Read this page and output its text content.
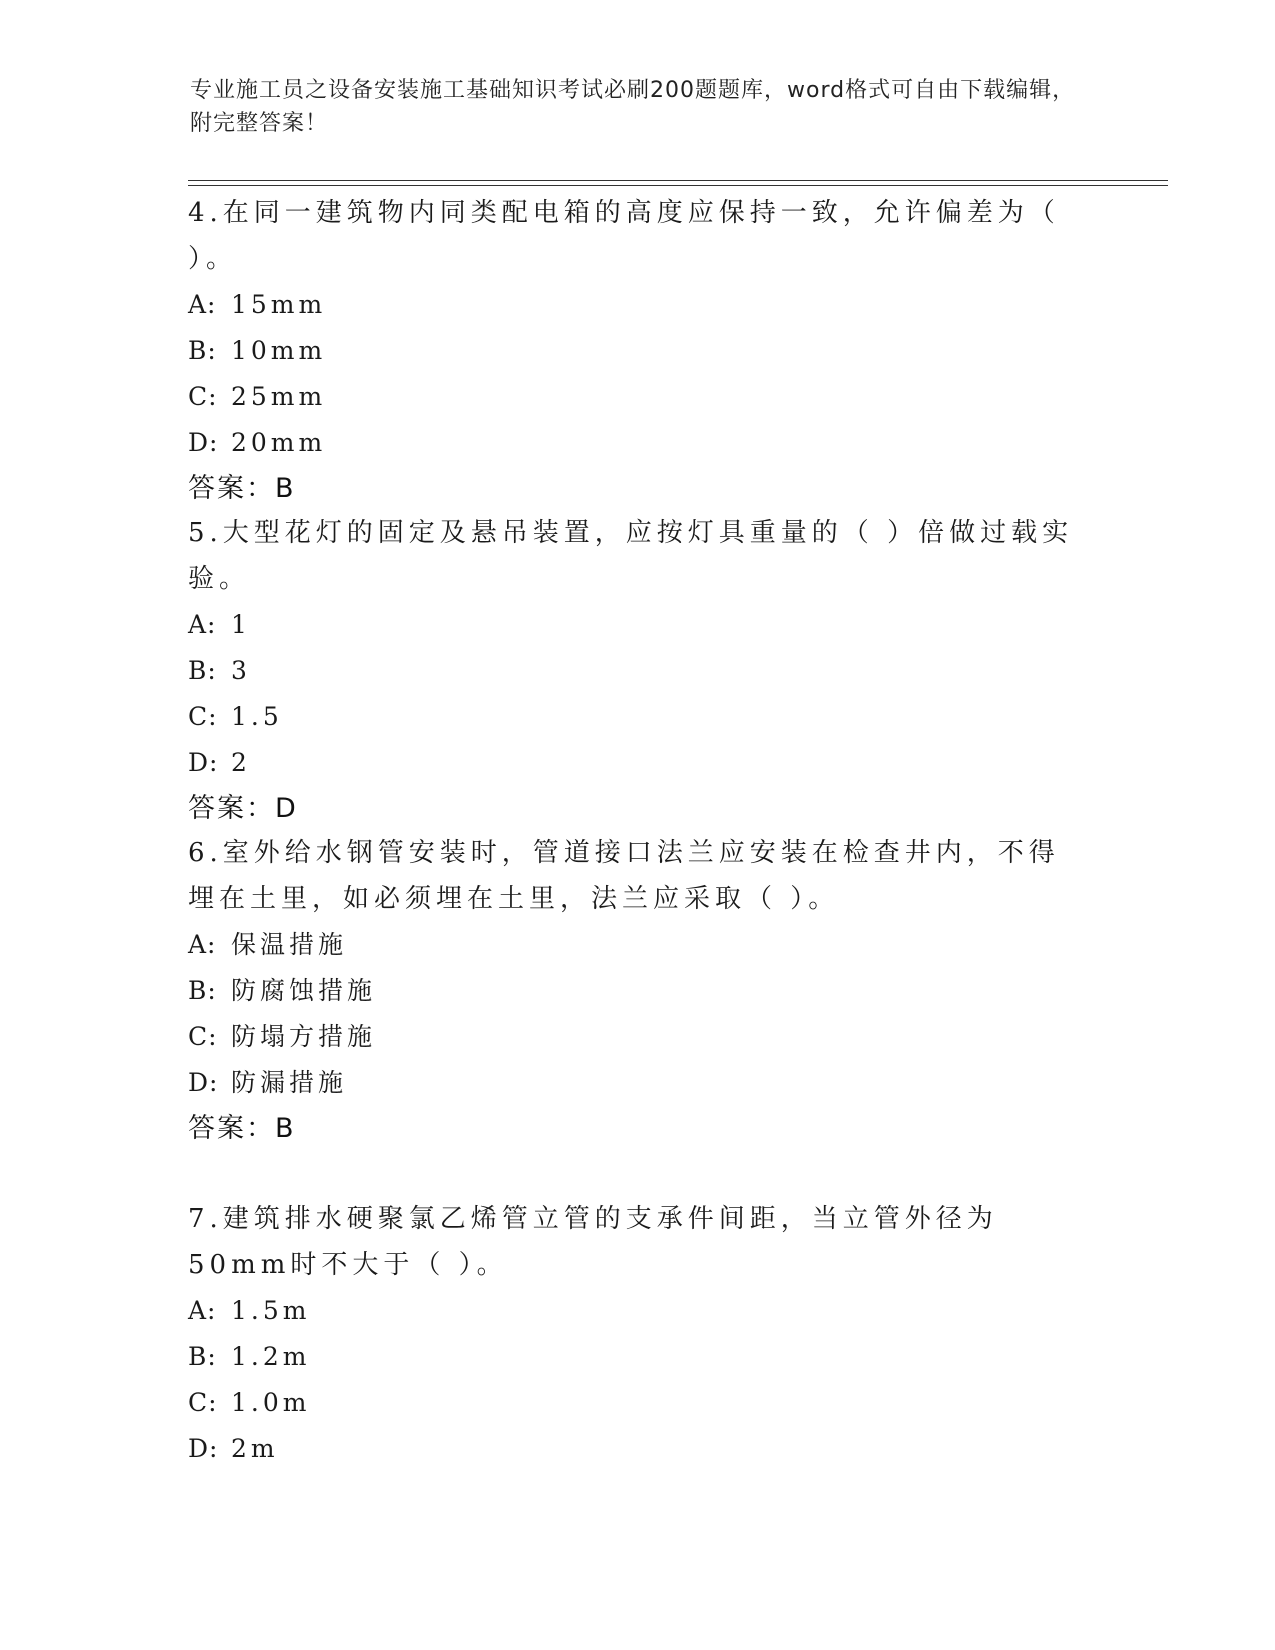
专业施工员之设备安装施工基础知识考试必刷200题题库，word格式可自由下载编辑，附完整答案！

4.在同一建筑物内同类配电箱的高度应保持一致，允许偏差为（ ）。

A: 15mm
B: 10mm
C: 25mm
D: 20mm
答案：B

5.大型花灯的固定及悬吊装置，应按灯具重量的（ ）倍做过载实验。

A: 1
B: 3
C: 1.5
D: 2
答案：D

6.室外给水钢管安装时，管道接口法兰应安装在检查井内，不得埋在土里，如必须埋在土里，法兰应采取（ ）。

A: 保温措施
B: 防腐蚀措施
C: 防塌方措施
D: 防漏措施
答案：B

7.建筑排水硬聚氯乙烯管立管的支承件间距，当立管外径为50mm时不大于（ ）。

A: 1.5m
B: 1.2m
C: 1.0m
D: 2m
